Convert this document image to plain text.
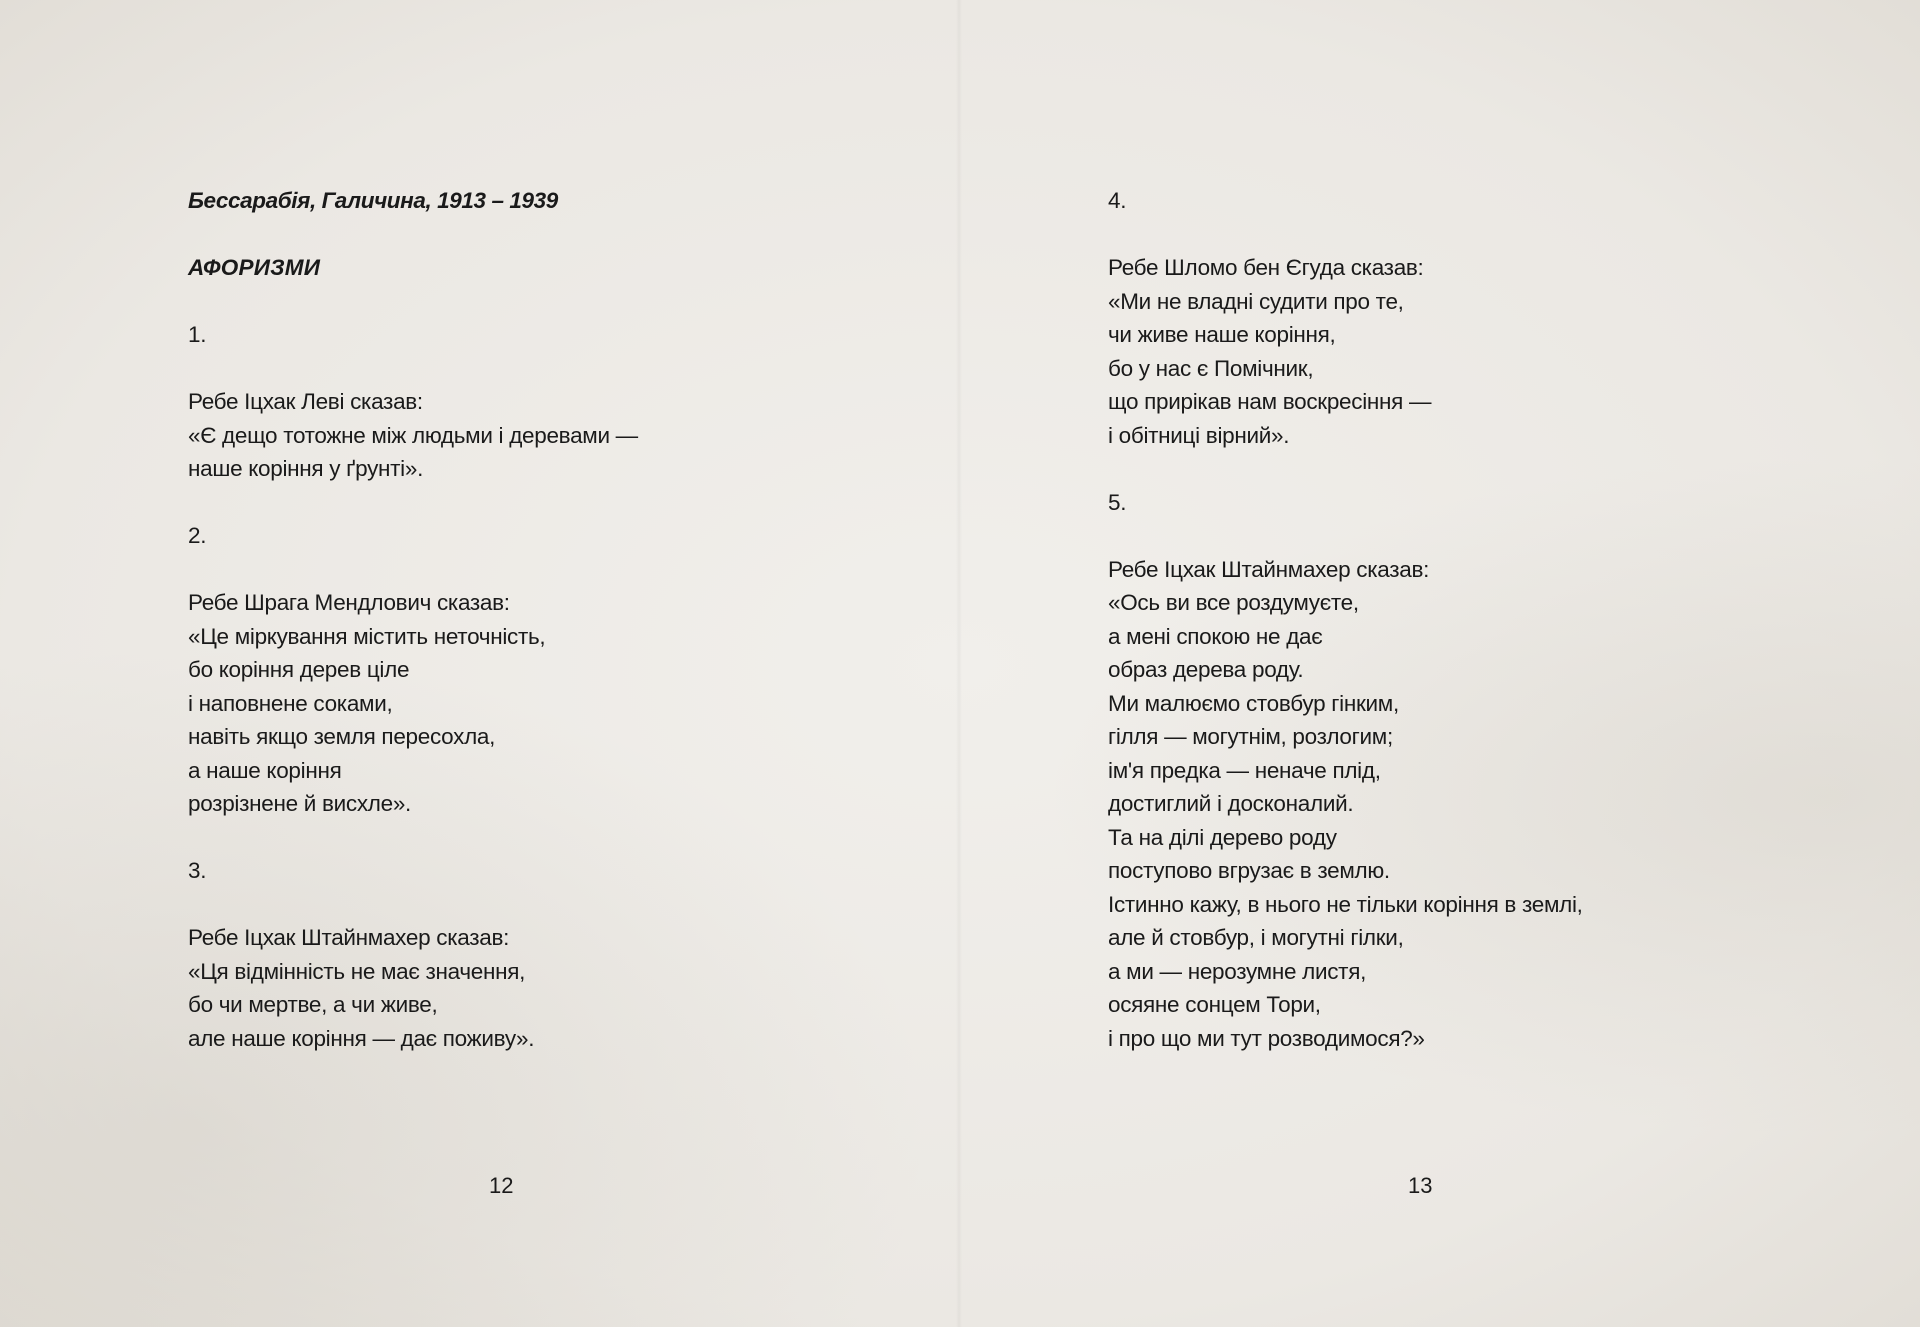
Бессарабія, Галичина, 1913 – 1939
АФОРИЗМИ
1.
Ребе Іцхак Леві сказав:
«Є дещо тотожне між людьми і деревами —
наше коріння у ґрунті».
2.
Ребе Шрага Мендлович сказав:
«Це міркування містить неточність,
бо коріння дерев ціле
і наповнене соками,
навіть якщо земля пересохла,
а наше коріння
розрізнене й висхле».
3.
Ребе Іцхак Штайнмахер сказав:
«Ця відмінність не має значення,
бо чи мертве, а чи живе,
але наше коріння — дає поживу».
12
4.
Ребе Шломо бен Єгуда сказав:
«Ми не владні судити про те,
чи живе наше коріння,
бо у нас є Помічник,
що прирікав нам воскресіння —
і обітниці вірний».
5.
Ребе Іцхак Штайнмахер сказав:
«Ось ви все роздумуєте,
а мені спокою не дає
образ дерева роду.
Ми малюємо стовбур гінким,
гілля — могутнім, розлогим;
ім'я предка — неначе плід,
достиглий і досконалий.
Та на ділі дерево роду
поступово вгрузає в землю.
Істинно кажу, в нього не тільки коріння в землі,
але й стовбур, і могутні гілки,
а ми — нерозумне листя,
осяяне сонцем Тори,
і про що ми тут розводимося?»
13
